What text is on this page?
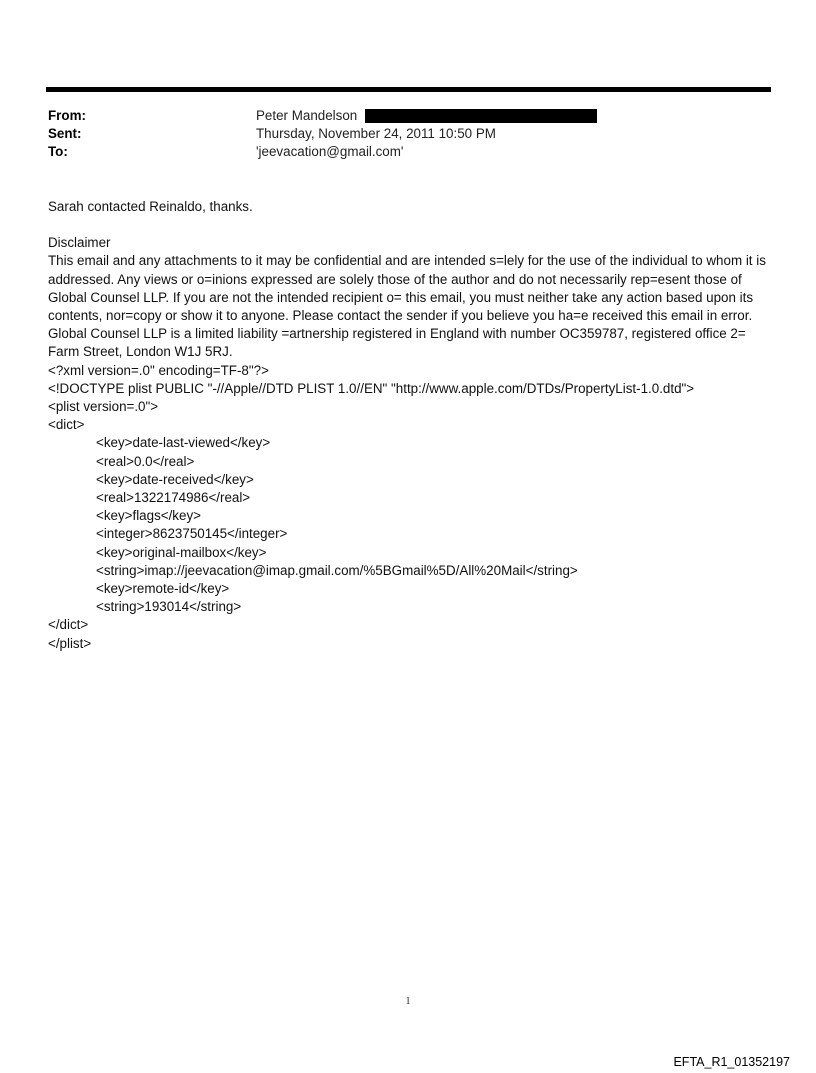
From:	Peter Mandelson
Sent:	Thursday, November 24, 2011 10:50 PM
To:	'jeevacation@gmail.com'

Sarah contacted Reinaldo, thanks.

Disclaimer

This email and any attachments to it may be confidential and are intended s=lely for the use of the individual to whom it is addressed. Any views or o=inions expressed are solely those of the author and do not necessarily rep=esent those of Global Counsel LLP. If you are not the intended recipient o= this email, you must neither take any action based upon its contents, nor=copy or show it to anyone. Please contact the sender if you believe you ha=e received this email in error. Global Counsel LLP is a limited liability =artnership registered in England with number OC359787, registered office 2= Farm Street, London W1J 5RJ.

<?xml version=.0" encoding=TF-8"?>

<!DOCTYPE plist PUBLIC "-//Apple//DTD PLIST 1.0//EN" "http://www.apple.com/DTDs/PropertyList-1.0.dtd">

<plist version=.0">

<dict>

<key>date-last-viewed</key>

<real>0.0</real>

<key>date-received</key>

<real>1322174986</real>

<key>flags</key>

<integer>8623750145</integer>

<key>original-mailbox</key>

<string>imap://jeevacation@imap.gmail.com/%5BGmail%5D/All%20Mail</string>

<key>remote-id</key>

<string>193014</string>

</dict>

</plist>

1
EFTA_R1_01352197
